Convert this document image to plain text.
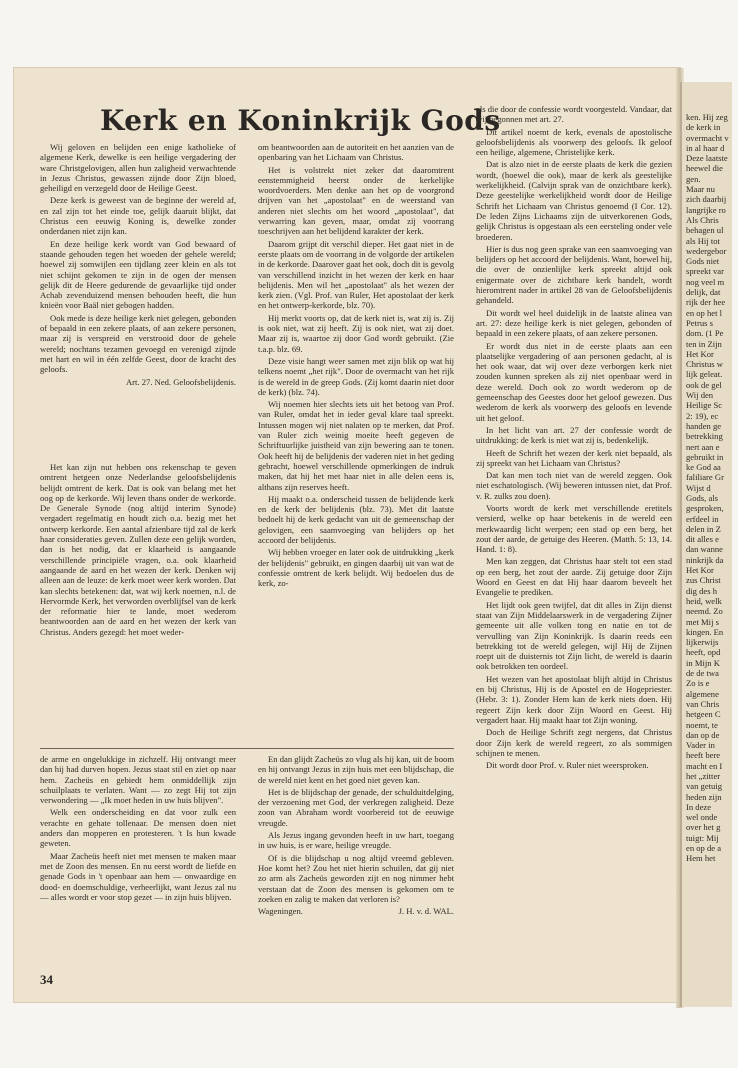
ken. Hij zeg
de kerk in
overmacht v
in al haar d
Deze laatste
heewel die
gen.
Maar nu
zich daarbij
langrijke ro
Als Chris
behagen ul
als Hij tot
wedergebor
Gods niet
spreekt var
nog veel m
delijk, dat
rijk der hee
en op het l
Petrus s
dom. (1 Pe
ten in Zijn
Het Kor
Christus w
lijk geleat.
ook de gel
Wij den
Heilige Sc
2: 19), ec
handen ge
betrekking
nert aan e
gebruikt in
ke God aa
faliliare Gr
Wijst d
Gods, als
gesproken,
erfdeel in
delen in Z
dit alles e
dan wanne
ninkrijk da
Het Kor
zus Christ
dig des h
heid, welk
neemd. Zo
met Mij s
kingen. En
lijkerwijs
heeft, opd
in Mijn K
de de twa
Zo is e
algemene
van Chris
hetgeen C
noemt, te
dan op de
Vader in
heeft bere
macht en I
het „zitter
van getuig
heden zijn
In deze
wel onde
over het g
tuigt: Mij
en op de a
Hem het
Kerk en Koninkrijk Gods

Wij geloven en belijden een enige katholieke of algemene Kerk, dewelke is een heilige vergadering der ware Christgelovigen, allen hun zaligheid verwachtende in Jezus Christus, gewassen zijnde door Zijn bloed, geheiligd en verzegeld door de Heilige Geest.

Deze kerk is geweest van de beginne der wereld af, en zal zijn tot het einde toe, gelijk daaruit blijkt, dat Christus een eeuwig Koning is, dewelke zonder onderdanen niet zijn kan.

En deze heilige kerk wordt van God bewaard of staande gehouden tegen het woeden der gehele wereld; hoewel zij somwijlen een tijdlang zeer klein en als tot niet schijnt gekomen te zijn in de ogen der mensen gelijk dit de Heere gedurende de gevaarlijke tijd onder Achab zevenduizend mensen behouden heeft, die hun knieën voor Baäl niet gebogen hadden.

Ook mede is deze heilige kerk niet gelegen, gebonden of bepaald in een zekere plaats, of aan zekere personen, maar zij is verspreid en verstrooid door de gehele wereld; nochtans tezamen gevoegd en verenigd zijnde met hart en wil in één zelfde Geest, door de kracht des geloofs.

Art. 27. Ned. Geloofsbelijdenis.

Het kan zijn nut hebben ons rekenschap te geven omtrent hetgeen onze Nederlandse geloofsbelijdenis belijdt omtrent de kerk. Dat is ook van belang met het oog op de kerkorde. Wij leven thans onder de werkorde. De Generale Synode (nog altijd interim Synode) vergadert regelmatig en houdt zich o.a. bezig met het ontwerp kerkorde. Een aantal afzienbare tijd zal de kerk haar consideraties geven. Zullen deze een gelijk worden, dan is het nodig, dat er klaarheid is aangaande verschillende principiële vragen, o.a. ook klaarheid aangaande de aard en het wezen der kerk. Denken wij alleen aan de leuze: de kerk moet weer kerk worden. Dat kan slechts betekenen: dat, wat wij kerk noemen, n.l. de Hervormde Kerk, het verworden overblijfsel van de kerk der reformatie hier te lande, moet wederom beantwoorden aan de aard en het wezen der kerk van Christus. Anders gezegd: het moet weder-

om beantwoorden aan de autoriteit en het aanzien van de openbaring van het Lichaam van Christus.

Het is volstrekt niet zeker dat daaromtrent eenstemmigheid heerst onder de kerkelijke woordvoerders. Men denke aan het op de voorgrond drijven van het „apostolaat" en de weerstand van anderen niet slechts om het woord „apostolaat", dat verwarring kan geven, maar, omdat zij voorrang toeschrijven aan het belijdend karakter der kerk.

Daarom grijpt dit verschil dieper. Het gaat niet in de eerste plaats om de voorrang in de volgorde der artikelen in de kerkorde. Daarover gaat het ook, doch dit is gevolg van verschillend inzicht in het wezen der kerk en haar belijdenis. Men wil het „apostolaat" als het wezen der kerk zien. (Vgl. Prof. van Ruler, Het apostolaat der kerk en het ontwerp-kerkorde, blz. 70).

Hij merkt voorts op, dat de kerk niet is, wat zij is. Zij is ook niet, wat zij heeft. Zij is ook niet, wat zij doet. Maar zij is, waartoe zij door God wordt gebruikt. (Zie t.a.p. blz. 69.

Deze visie hangt weer samen met zijn blik op wat hij telkens noemt „het rijk". Door de overmacht van het rijk is de wereld in de greep Gods. (Zij komt daarin niet door de kerk) (blz. 74).

Wij noemen hier slechts iets uit het betoog van Prof. van Ruler, omdat het in ieder geval klare taal spreekt. Intussen mogen wij niet nalaten op te merken, dat Prof. van Ruler zich weinig moeite heeft gegeven de Schriftuurlijke juistheid van zijn bewering aan te tonen. Ook heeft hij de belijdenis der vaderen niet in het geding gebracht, hoewel verschillende opmerkingen de indruk maken, dat hij het met haar niet in alle delen eens is, althans zijn reserves heeft.

Hij maakt o.a. onderscheid tussen de belijdende kerk en de kerk der belijdenis (blz. 73). Met dit laatste bedoelt hij de kerk gedacht van uit de gemeenschap der gelovigen, een saamvoeging van belijders op het accoord der belijdenis.

Wij hebben vroeger en later ook de uitdrukking „kerk der belijdenis" gebruikt, en gingen daarbij uit van wat de confessie omtrent de kerk belijdt. Wij bedoelen dus de kerk, zo-

als die door de confessie wordt voorgesteld. Vandaar, dat wij begonnen met art. 27.

Dit artikel noemt de kerk, evenals de apostolische geloofsbelijdenis als voorwerp des geloofs. Ik geloof een heilige, algemene, Christelijke kerk.

Dat is alzo niet in de eerste plaats de kerk die gezien wordt, (hoewel die ook), maar de kerk als geestelijke werkelijkheid. (Calvijn sprak van de onzichtbare kerk). Deze geestelijke werkelijkheid wordt door de Heilige Schrift het Lichaam van Christus genoemd (I Cor. 12). De leden Zijns Lichaams zijn de uitverkorenen Gods, gelijk Christus is opgestaan als een eersteling onder vele broederen.

Hier is dus nog geen sprake van een saamvoeging van belijders op het accoord der belijdenis. Want, hoewel hij, die over de onzienlijke kerk spreekt altijd ook enigermate over de zichtbare kerk handelt, wordt hieromtrent nader in artikel 28 van de Geloofsbelijdenis gehandeld.

Dit wordt wel heel duidelijk in de laatste alinea van art. 27: deze heilige kerk is niet gelegen, gebonden of bepaald in een zekere plaats, of aan zekere personen.

Er wordt dus niet in de eerste plaats aan een plaatselijke vergadering of aan personen gedacht, al is het ook waar, dat wij over deze verborgen kerk niet zouden kunnen spreken als zij niet openbaar werd in deze wereld. Doch ook zo wordt wederom op de gemeenschap des Geestes door het geloof gewezen. Dus wederom de kerk als voorwerp des geloofs en levende uit het geloof.

In het licht van art. 27 der confessie wordt de uitdrukking: de kerk is niet wat zij is, bedenkelijk.

Heeft de Schrift het wezen der kerk niet bepaald, als zij spreekt van het Lichaam van Christus?

Dat kan men toch niet van de wereld zeggen. Ook niet eschatologisch. (Wij beweren intussen niet, dat Prof. v. R. zulks zou doen).

Voorts wordt de kerk met verschillende eretitels versierd, welke op haar betekenis in de wereld een merkwaardig licht werpen; een stad op een berg, het zout der aarde, de getuige des Heeren. (Matth. 5: 13, 14. Hand. 1: 8).

Men kan zeggen, dat Christus haar stelt tot een stad op een berg, het zout der aarde. Zij getuige door Zijn Woord en Geest en dat Hij haar daarom beveelt het Evangelie te prediken.

Het lijdt ook geen twijfel, dat dit alles in Zijn dienst staat van Zijn Middelaarswerk in de vergadering Zijner gemeente uit alle volken tong en natie en tot de vervulling van Zijn Koninkrijk. Is daarin reeds een betrekking tot de wereld gelegen, wijl Hij de Zijnen roept uit de duisternis tot Zijn licht, de wereld is daarin ook betrokken ten oordeel.

Het wezen van het apostolaat blijft altijd in Christus en bij Christus, Hij is de Apostel en de Hogepriester. (Hebr. 3: 1). Zonder Hem kan de kerk niets doen. Hij regeert Zijn kerk door Zijn Woord en Geest. Hij vergadert haar. Hij maakt haar tot Zijn woning.

Doch de Heilige Schrift zegt nergens, dat Christus door Zijn kerk de wereld regeert, zo als sommigen schijnen te menen.

Dit wordt door Prof. v. Ruler niet weersproken.

de arme en ongelukkige in zichzelf. Hij ontvangt meer dan hij had durven hopen. Jezus staat stil en ziet op naar hem. Zacheüs en gebiedt hem onmiddellijk zijn schuilplaats te verlaten. Want — zo zegt Hij tot zijn verwondering — „Ik moet heden in uw huis blijven".

Welk een onderscheiding en dat voor zulk een verachte en gehate tollenaar. De mensen doen niet anders dan mopperen en protesteren. 't Is hun kwade geweten.

Maar Zacheüs heeft niet met mensen te maken maar met de Zoon des mensen. En nu eerst wordt de liefde en genade Gods in 't openbaar aan hem — onwaardige en dood- en doemschuldige, verheerlijkt, want Jezus zal nu — alles wordt er voor stop gezet — in zijn huis blijven.

En dan glijdt Zacheüs zo vlug als hij kan, uit de boom en hij ontvangt Jezus in zijn huis met een blijdschap, die de wereld niet kent en het goed niet geven kan.

Het is de blijdschap der genade, der schulduitdelging, der verzoening met God, der verkregen zaligheid. Deze zoon van Abraham wordt voorbereid tot de eeuwige vreugde.

Als Jezus ingang gevonden heeft in uw hart, toegang in uw huis, is er ware, heilige vreugde.

Of is die blijdschap u nog altijd vreemd gebleven. Hoe komt het? Zou het niet hierin schuilen, dat gij niet zo arm als Zacheüs geworden zijt en nog nimmer hebt verstaan dat de Zoon des mensen is gekomen om te zoeken en zalig te maken dat verloren is?

Wageningen.	J. H. v. d. WAL.
34
